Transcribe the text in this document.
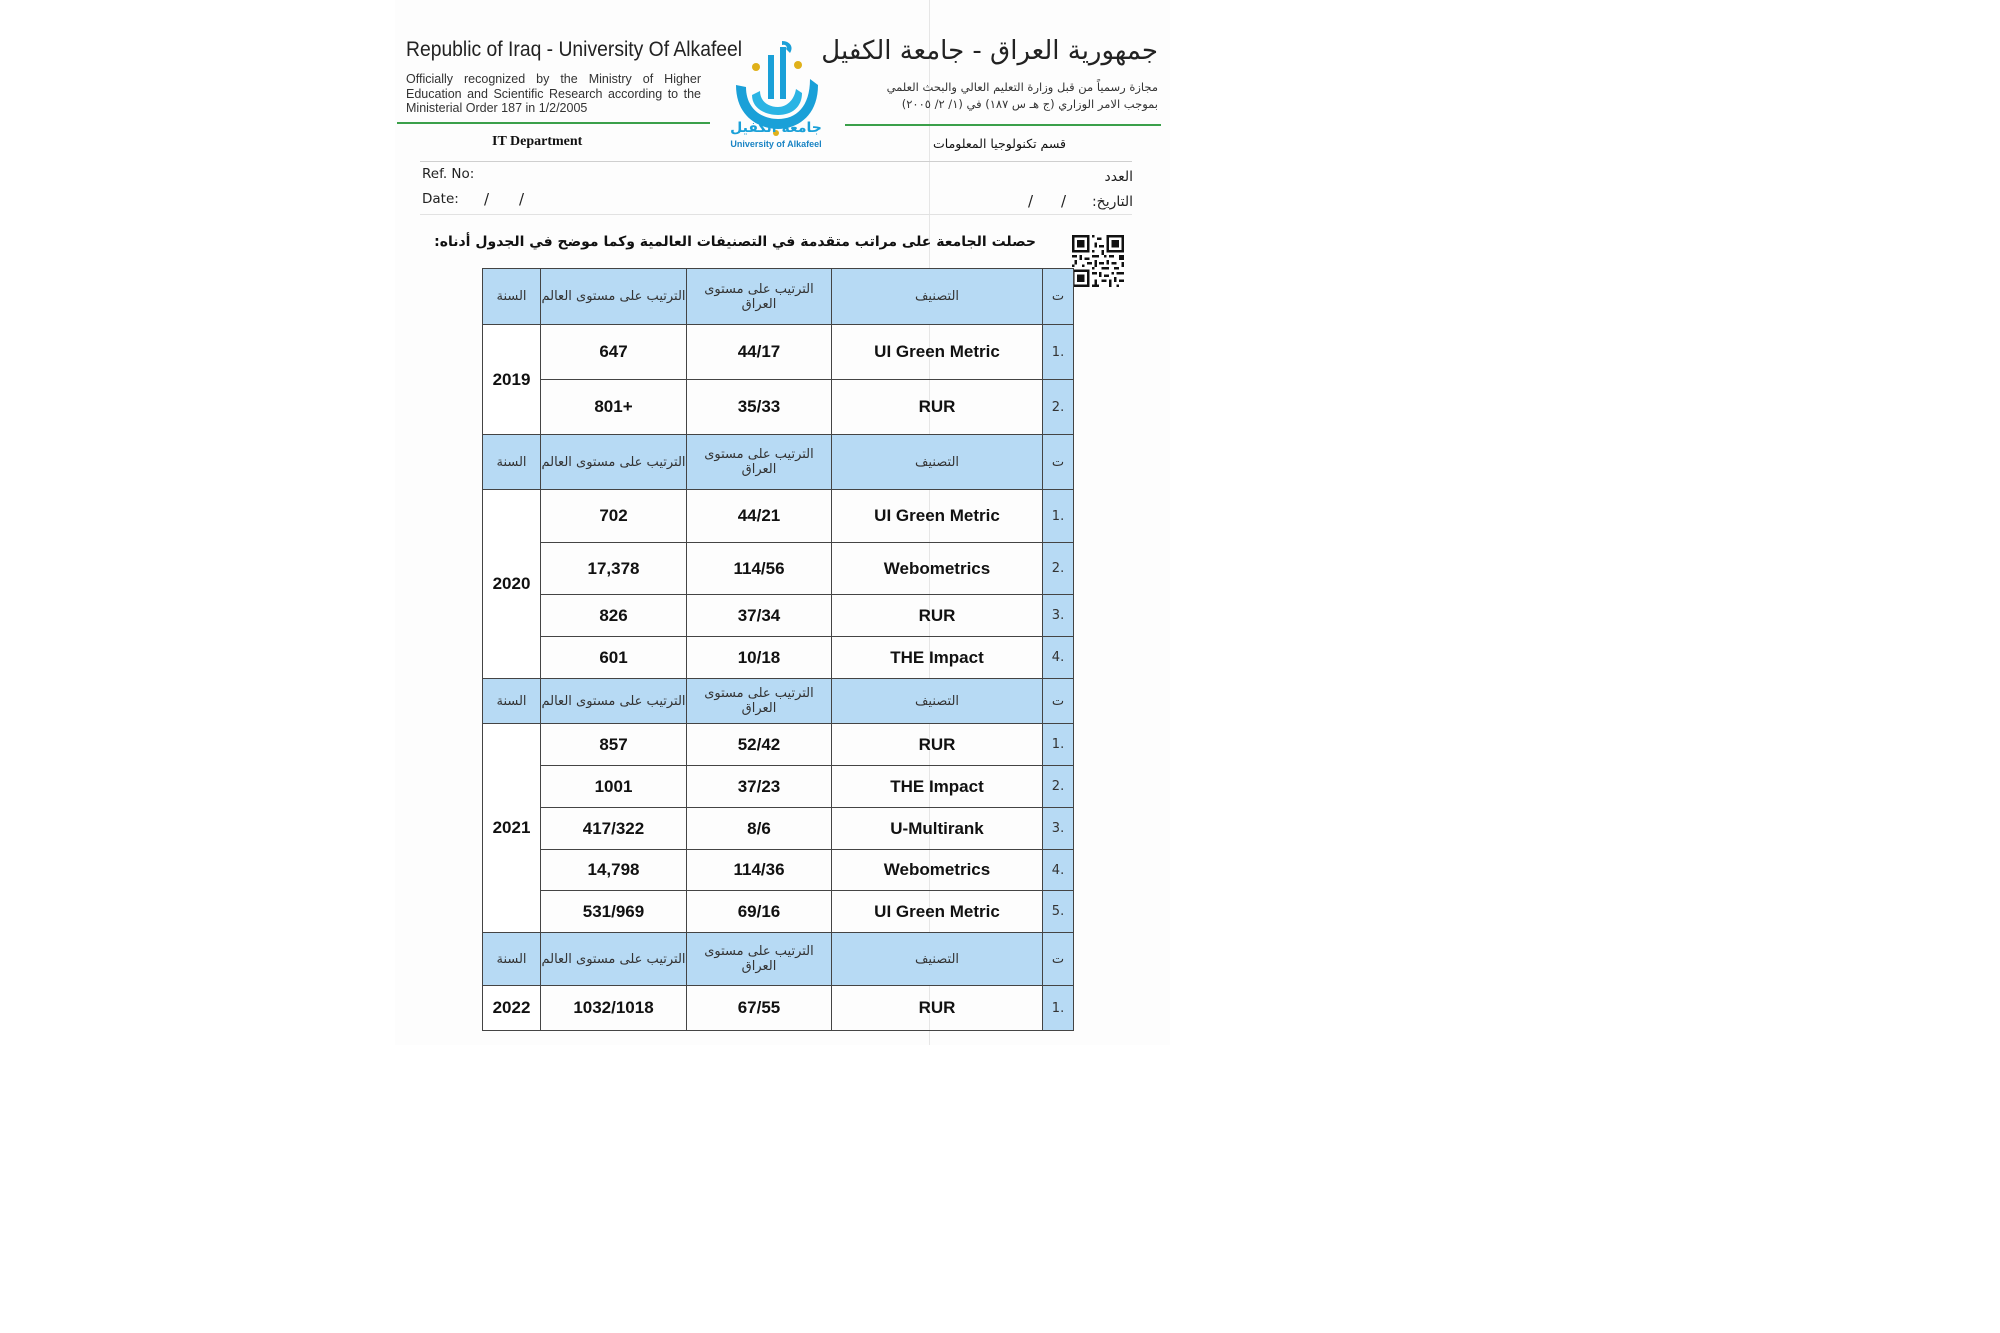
Republic of Iraq - University Of Alkafeel
Officially recognized by the Ministry of Higher Education and Scientific Research according to the Ministerial Order 187 in 1/2/2005
جمهورية العراق - جامعة الكفيل
مجازة رسمياً من قبل وزارة التعليم العالي والبحث العلمي
بموجب الامر الوزاري (ج هـ س ١٨٧) في (١/ ٢/ ٢٠٠٥)
جامعة الكفيل
University of Alkafeel
IT Department	قسم تكنولوجيا المعلومات
Ref. No:
Date: / /
العدد
التاريخ:
/ /
حصلت الجامعة على مراتب متقدمة في التصنيفات العالمية وكما موضح في الجدول أدناه:
ت	التصنيف	الترتيب على مستوى العراق	الترتيب على مستوى العالم	السنة
.1	UI Green Metric	44/17	647	2019
.2	RUR	35/33	+801	
ت	التصنيف	الترتيب على مستوى العراق	الترتيب على مستوى العالم	السنة
.1	UI Green Metric	44/21	702	2020
.2	Webometrics	114/56	17,378	
.3	RUR	37/34	826	
.4	THE Impact	10/18	601	
ت	التصنيف	الترتيب على مستوى العراق	الترتيب على مستوى العالم	السنة
.1	RUR	52/42	857	2021
.2	THE Impact	37/23	1001	
.3	U-Multirank	8/6	417/322	
.4	Webometrics	114/36	14,798	
.5	UI Green Metric	69/16	531/969	
ت	التصنيف	الترتيب على مستوى العراق	الترتيب على مستوى العالم	السنة
.1	RUR	67/55	1032/1018	2022
